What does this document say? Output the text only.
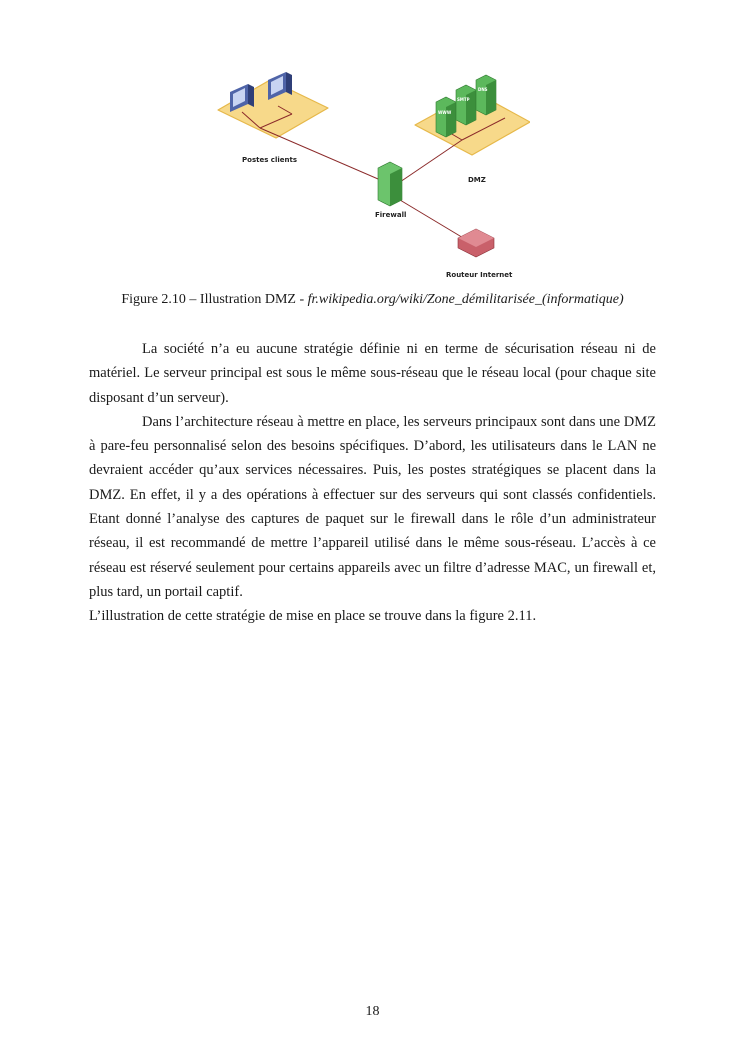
WWW
SMTP
DNS
Postes clients
DMZ
Firewall
Routeur Internet
Figure 2.10 – Illustration DMZ - fr.wikipedia.org/wiki/Zone_démilitarisée_(informatique)

La société n’a eu aucune stratégie définie ni en terme de sécurisation réseau ni de matériel. Le serveur principal est sous le même sous-réseau que le réseau local (pour chaque site disposant d’un serveur).

Dans l’architecture réseau à mettre en place, les serveurs principaux sont dans une DMZ à pare-feu personnalisé selon des besoins spécifiques. D’abord, les utilisateurs dans le LAN ne devraient accéder qu’aux services nécessaires. Puis, les postes stratégiques se placent dans la DMZ. En effet, il y a des opérations à effectuer sur des serveurs qui sont classés confidentiels. Etant donné l’analyse des captures de paquet sur le firewall dans le rôle d’un administrateur réseau, il est recommandé de mettre l’appareil utilisé dans le même sous-réseau. L’accès à ce réseau est réservé seulement pour certains appareils avec un filtre d’adresse MAC, un firewall et, plus tard, un portail captif.

L’illustration de cette stratégie de mise en place se trouve dans la figure 2.11.

18
